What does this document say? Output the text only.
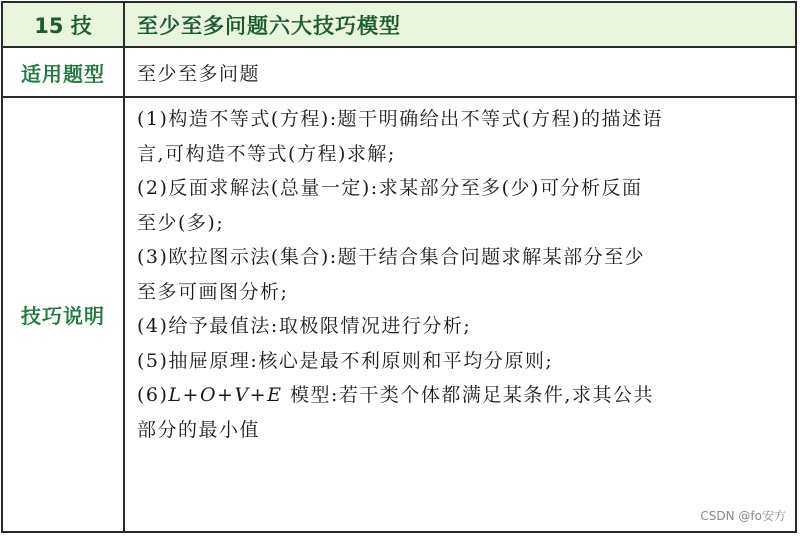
15 技 至少至多问题六大技巧模型
适用题型 至少至多问题
技巧说明
(1)构造不等式(方程):题干明确给出不等式(方程)的描述语
言,可构造不等式(方程)求解;
(2)反面求解法(总量一定):求某部分至多(少)可分析反面
至少(多);
(3)欧拉图示法(集合):题干结合集合问题求解某部分至少
至多可画图分析;
(4)给予最值法:取极限情况进行分析;
(5)抽屉原理:核心是最不利原则和平均分原则;
(6)L+O+V+E 模型:若干类个体都满足某条件,求其公共
部分的最小值
CSDN @fo安方
